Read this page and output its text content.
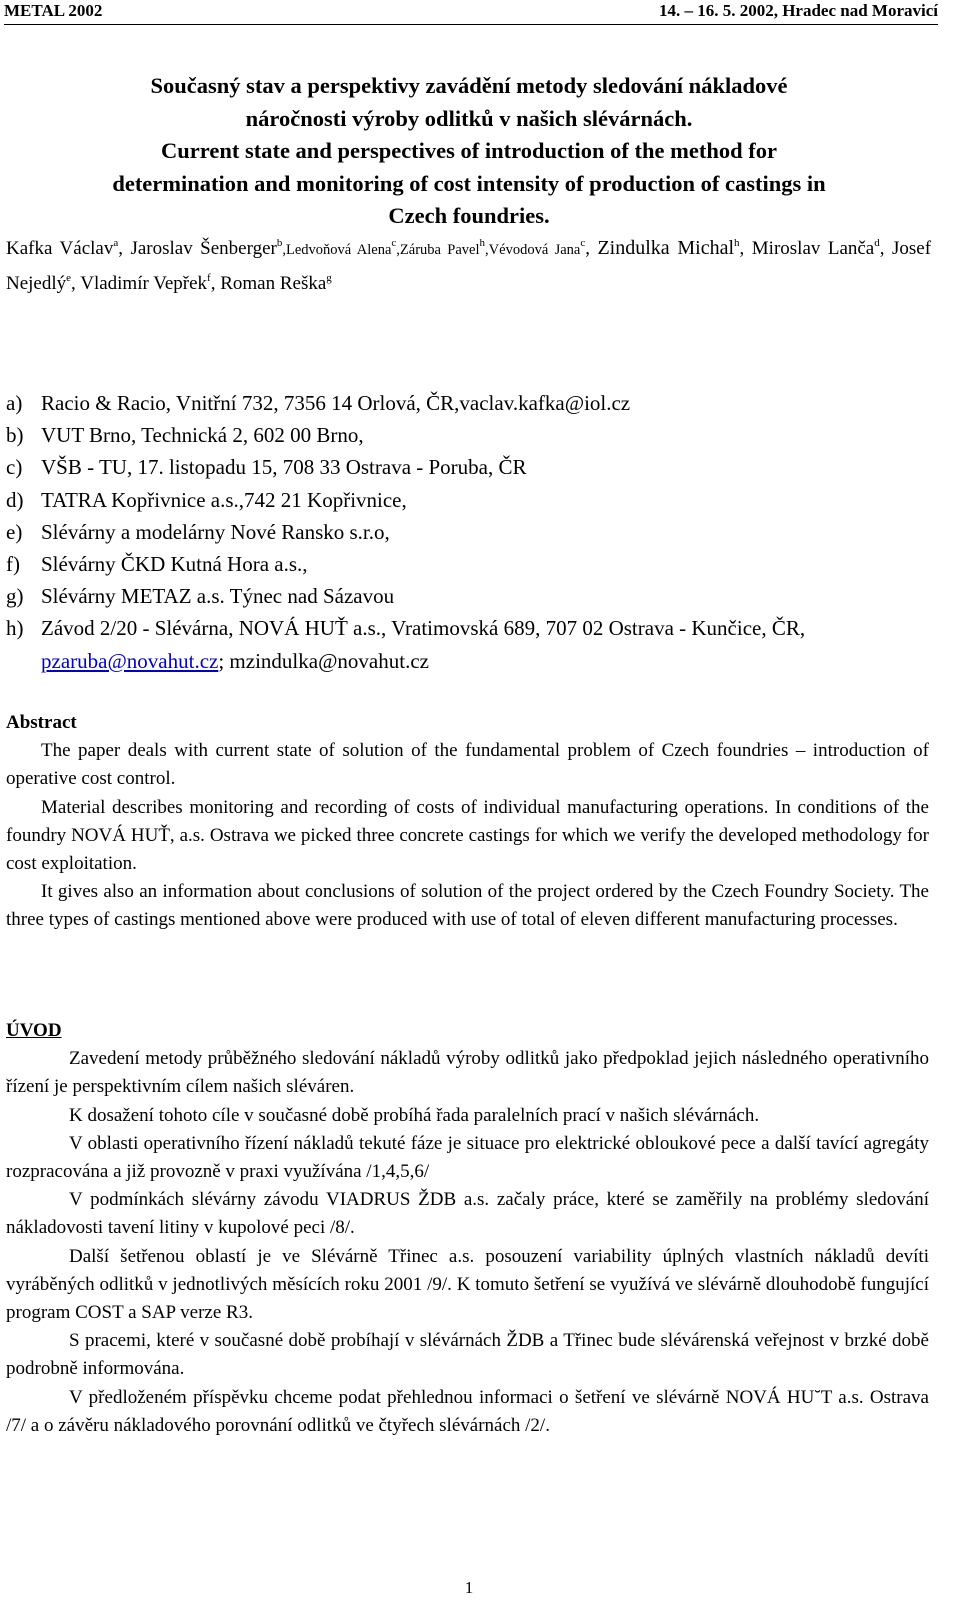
METAL 2002	14. – 16. 5. 2002, Hradec nad Moravicí
Současný stav a perspektivy zavádění metody sledování nákladové
náročnosti výroby odlitků v našich slévárnách.
Current state and perspectives of introduction of the method for
determination and monitoring of cost intensity of production of castings in
Czech foundries.
Kafka Václav$^a$, Jaroslav Šenberger$^b$,Ledvoňová Alena$^c$,Záruba Pavel$^h$,Vévodová Jana$^c$, Zindulka Michal$^h$, Miroslav Lanča$^d$, Josef Nejedlý$^e$, Vladimír Vepřek$^f$, Roman Reška$^g$
a) Racio & Racio, Vnitřní 732, 7356 14 Orlová, ČR,vaclav.kafka@iol.cz
b) VUT Brno, Technická 2, 602 00 Brno,
c) VŠB - TU, 17. listopadu 15, 708 33 Ostrava - Poruba, ČR
d) TATRA Kopřivnice a.s.,742 21 Kopřivnice,
e) Slévárny a modelárny Nové Ransko s.r.o,
f)	Slévárny ČKD Kutná Hora a.s.,
g) Slévárny METAZ a.s. Týnec nad Sázavou
h) Závod 2/20 - Slévárna, NOVÁ HUŤ a.s., Vratimovská 689, 707 02 Ostrava - Kunčice, ČR, pzaruba@novahut.cz; mzindulka@novahut.cz

Abstract

The paper deals with current state of solution of the fundamental problem of Czech foundries – introduction of operative cost control.

Material describes monitoring and recording of costs of individual manufacturing operations. In conditions of the foundry NOVÁ HUŤ, a.s. Ostrava we picked three concrete castings for which we verify the developed methodology for cost exploitation.

It gives also an information about conclusions of solution of the project ordered by the Czech Foundry Society. The three types of castings mentioned above were produced with use of total of eleven different manufacturing processes.

ÚVOD

Zavedení metody průběžného sledování nákladů výroby odlitků jako předpoklad jejich následného operativního řízení je perspektivním cílem našich sléváren.

K dosažení tohoto cíle v současné době probíhá řada paralelních prací v našich slévárnách.

V oblasti operativního řízení nákladů tekuté fáze je situace pro elektrické obloukové pece a další tavící agregáty rozpracována a již provozně v praxi využívána /1,4,5,6/

V podmínkách slévárny závodu VIADRUS ŽDB a.s. začaly práce, které se zaměřily na problémy sledování nákladovosti tavení litiny v kupolové peci /8/.

Další šetřenou oblastí je ve Slévárně Třinec a.s. posouzení variability úplných vlastních nákladů devíti vyráběných odlitků v jednotlivých měsících roku 2001 /9/. K tomuto šetření se využívá ve slévárně dlouhodobě fungující program COST a SAP verze R3.

S pracemi, které v současné době probíhají v slévárnách ŽDB a Třinec bude slévárenská veřejnost v brzké době podrobně informována.

V předloženém příspěvku chceme podat přehlednou informaci o šetření ve slévárně NOVÁ HU˘T a.s. Ostrava /7/ a o závěru nákladového porovnání odlitků ve čtyřech slévárnách /2/.

1
